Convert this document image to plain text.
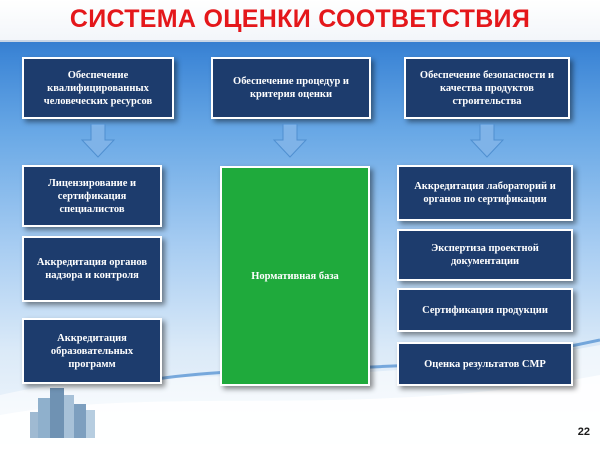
СИСТЕМА ОЦЕНКИ СООТВЕТСТВИЯ
Обеспечение квалифицированных человеческих ресурсов
Обеспечение процедур и критерия оценки
Обеспечение безопасности и качества продуктов строительства
Лицензирование и сертификация специалистов
Аккредитация органов надзора и контроля
Аккредитация образовательных программ
Нормативная база
Аккредитация лабораторий и органов по сертификации
Экспертиза проектной документации
Сертификация продукции
Оценка результатов СМР
22
